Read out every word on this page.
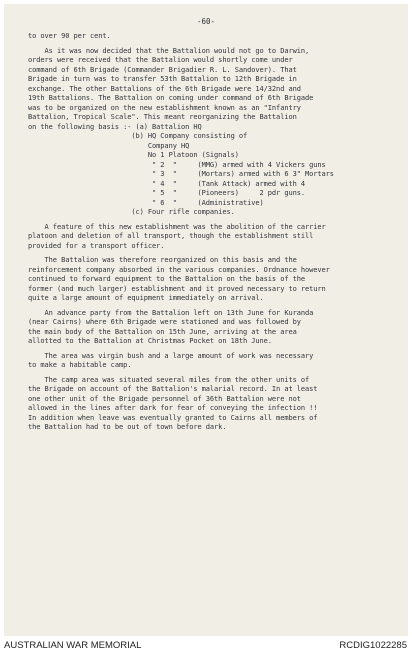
-60-
to over 90 per cent.
As it was now decided that the Battalion would not go to Darwin,
orders were received that the Battalion would shortly come under
command of 6th Brigade (Commander Brigadier R. L. Sandover). That
Brigade in turn was to transfer 53th Battalion to 12th Brigade in
exchange. The other Battalions of the 6th Brigade were 14/32nd and
19th Battalions. The Battalion on coming under command of 6th Brigade
was to be organized on the new establishment known as an "Infantry
Battalion, Tropical Scale". This meant reorganizing the Battalion
on the following basis :- (a) Battalion HQ
(b) HQ Company consisting of
Company HQ
No 1 Platoon (Signals)
" 2  "     (MMG) armed with 4 Vickers guns
" 3  "     (Mortars) armed with 6 3" Mortars
" 4  "     (Tank Attack) armed with 4
" 5  "     (Pioneers)     2 pdr guns.
" 6  "     (Administrative)
(c) Four rifle companies.
A feature of this new establishment was the abolition of the carrier
platoon and deletion of all transport, though the establishment still
provided for a transport officer.
The Battalion was therefore reorganized on this basis and the
reinforcement company absorbed in the various companies. Ordnance however
continued to forward equipment to the Battalion on the basis of the
former (and much larger) establishment and it proved necessary to return
quite a large amount of equipment immediately on arrival.
An advance party from the Battalion left on 13th June for Kuranda
(near Cairns) where 6th Brigade were stationed and was followed by
the main body of the Battalion on 15th June, arriving at the area
allotted to the Battalion at Christmas Pocket on 18th June.
The area was virgin bush and a large amount of work was necessary
to make a habitable camp.
The camp area was situated several miles from the other units of
the Brigade on account of the Battalion's malarial record. In at least
one other unit of the Brigade personnel of 36th Battalion were not
allowed in the lines after dark for fear of conveying the infection !!
In addition when leave was eventually granted to Cairns all members of
the Battalion had to be out of town before dark.
AUSTRALIAN WAR MEMORIAL	RCDIG1022285
